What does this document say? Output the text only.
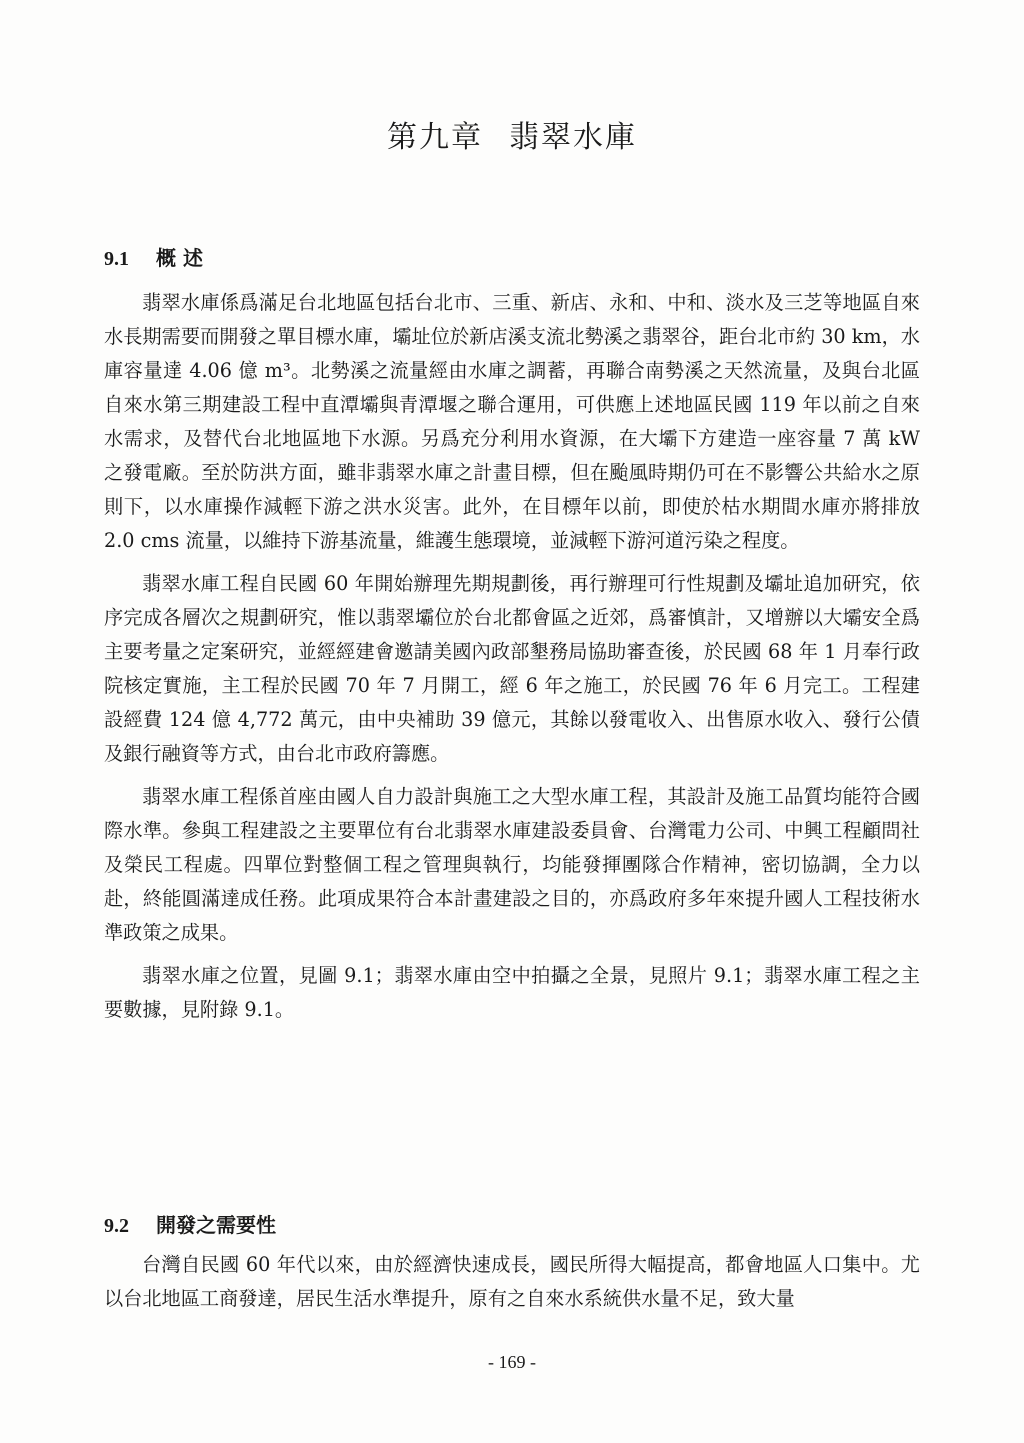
第九章 翡翠水庫
9.1 概 述

翡翠水庫係爲滿足台北地區包括台北市、三重、新店、永和、中和、淡水及三芝等地區自來水長期需要而開發之單目標水庫，壩址位於新店溪支流北勢溪之翡翠谷，距台北市約 30 km，水庫容量達 4.06 億 m³。北勢溪之流量經由水庫之調蓄，再聯合南勢溪之天然流量，及與台北區自來水第三期建設工程中直潭壩與青潭堰之聯合運用，可供應上述地區民國 119 年以前之自來水需求，及替代台北地區地下水源。另爲充分利用水資源，在大壩下方建造一座容量 7 萬 kW 之發電廠。至於防洪方面，雖非翡翠水庫之計畫目標，但在颱風時期仍可在不影響公共給水之原則下，以水庫操作減輕下游之洪水災害。此外，在目標年以前，即使於枯水期間水庫亦將排放 2.0 cms 流量，以維持下游基流量，維護生態環境，並減輕下游河道污染之程度。

翡翠水庫工程自民國 60 年開始辦理先期規劃後，再行辦理可行性規劃及壩址追加研究，依序完成各層次之規劃研究，惟以翡翠壩位於台北都會區之近郊，爲審慎計，又增辦以大壩安全爲主要考量之定案研究，並經經建會邀請美國內政部墾務局協助審查後，於民國 68 年 1 月奉行政院核定實施，主工程於民國 70 年 7 月開工，經 6 年之施工，於民國 76 年 6 月完工。工程建設經費 124 億 4,772 萬元，由中央補助 39 億元，其餘以發電收入、出售原水收入、發行公債及銀行融資等方式，由台北市政府籌應。

翡翠水庫工程係首座由國人自力設計與施工之大型水庫工程，其設計及施工品質均能符合國際水準。參與工程建設之主要單位有台北翡翠水庫建設委員會、台灣電力公司、中興工程顧問社及榮民工程處。四單位對整個工程之管理與執行，均能發揮團隊合作精神，密切協調，全力以赴，終能圓滿達成任務。此項成果符合本計畫建設之目的，亦爲政府多年來提升國人工程技術水準政策之成果。

翡翠水庫之位置，見圖 9.1；翡翠水庫由空中拍攝之全景，見照片 9.1；翡翠水庫工程之主要數據，見附錄 9.1。

9.2 開發之需要性

台灣自民國 60 年代以來，由於經濟快速成長，國民所得大幅提高，都會地區人口集中。尤以台北地區工商發達，居民生活水準提升，原有之自來水系統供水量不足，致大量

- 169 -
